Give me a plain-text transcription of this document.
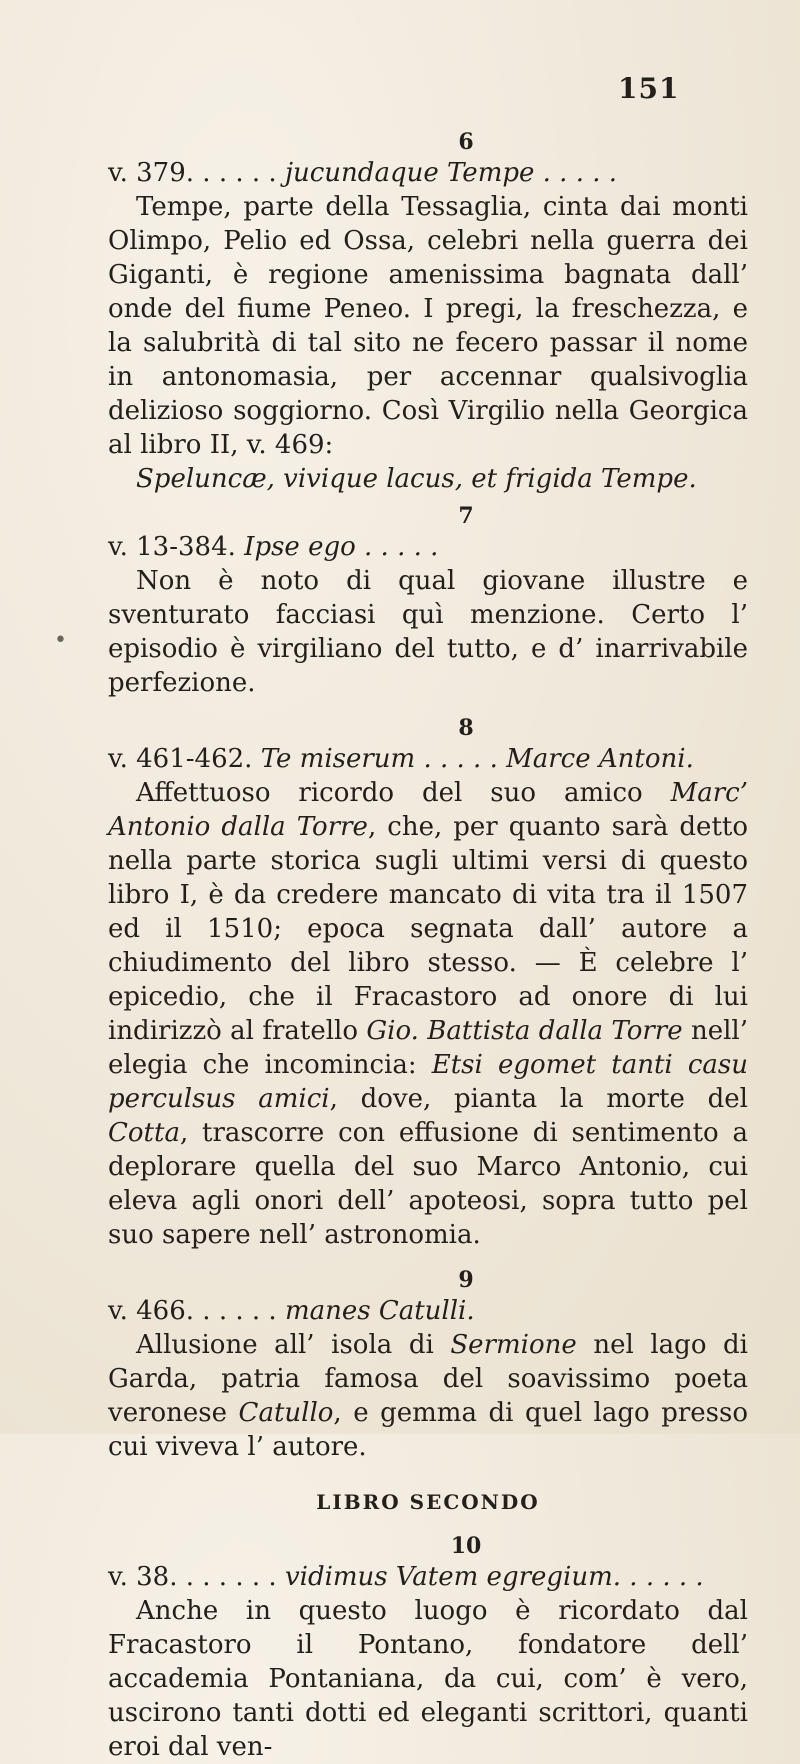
151
•

6

v. 379. . . . . . jucundaque Tempe . . . . .

Tempe, parte della Tessaglia, cinta dai monti Olimpo, Pelio ed Ossa, celebri nella guerra dei Giganti, è regione amenissima bagnata dall’ onde del fiume Peneo. I pregi, la freschezza, e la salubrità di tal sito ne fecero passar il nome in antonomasia, per accennar qualsivoglia delizioso soggiorno. Così Virgilio nella Georgica al libro II, v. 469:

Speluncæ, vivique lacus, et frigida Tempe.

7

v. 13-384. Ipse ego . . . . .

Non è noto di qual giovane illustre e sventurato facciasi quì menzione. Certo l’ episodio è virgiliano del tutto, e d’ inarrivabile perfezione.

8

v. 461-462. Te miserum . . . . . Marce Antoni.

Affettuoso ricordo del suo amico Marc’ Antonio dalla Torre, che, per quanto sarà detto nella parte storica sugli ultimi versi di questo libro I, è da credere mancato di vita tra il 1507 ed il 1510; epoca segnata dall’ autore a chiudimento del libro stesso. — È celebre l’ epicedio, che il Fracastoro ad onore di lui indirizzò al fratello Gio. Battista dalla Torre nell’ elegia che incomincia: Etsi egomet tanti casu perculsus amici, dove, pianta la morte del Cotta, trascorre con effusione di sentimento a deplorare quella del suo Marco Antonio, cui eleva agli onori dell’ apoteosi, sopra tutto pel suo sapere nell’ astronomia.

9

v. 466. . . . . . manes Catulli.

Allusione all’ isola di Sermione nel lago di Garda, patria famosa del soavissimo poeta veronese Catullo, e gemma di quel lago presso cui viveva l’ autore.

LIBRO SECONDO

10

v. 38. . . . . . . vidimus Vatem egregium. . . . . .

Anche in questo luogo è ricordato dal Fracastoro il Pontano, fondatore dell’ accademia Pontaniana, da cui, com’ è vero, uscirono tanti dotti ed eleganti scrittori, quanti eroi dal ven-
